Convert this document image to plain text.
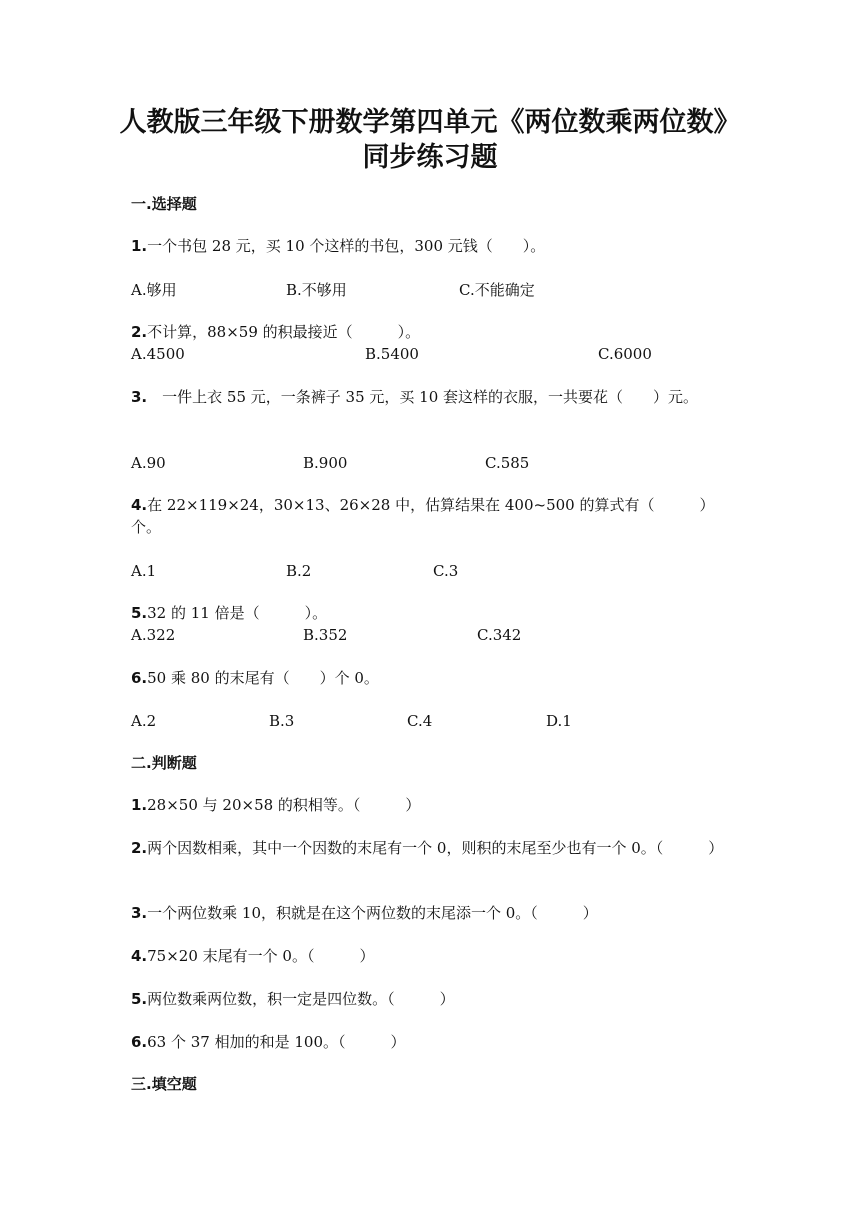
人教版三年级下册数学第四单元《两位数乘两位数》
同步练习题
一.选择题

1.一个书包 28 元，买 10 个这样的书包，300 元钱（　　）。

A.够用	B.不够用	C.不能确定

2.不计算，88×59 的积最接近（　　　）。

A.4500	B.5400	C.6000

3.　一件上衣 55 元，一条裤子 35 元，买 10 套这样的衣服，一共要花（　　）元。

A.90	B.900	C.585

4.在 22×119×24，30×13、26×28 中，估算结果在 400~500 的算式有（　　　）个。

A.1	B.2	C.3

5.32 的 11 倍是（　　　）。

A.322	B.352	C.342

6.50 乘 80 的末尾有（　　）个 0。

A.2	B.3	C.4	D.1
二.判断题

1.28×50 与 20×58 的积相等。（　　　）

2.两个因数相乘，其中一个因数的末尾有一个 0，则积的末尾至少也有一个 0。（　　　）

3.一个两位数乘 10，积就是在这个两位数的末尾添一个 0。（　　　）

4.75×20 末尾有一个 0。（　　　）

5.两位数乘两位数，积一定是四位数。（　　　）

6.63 个 37 相加的和是 100。（　　　）

三.填空题
